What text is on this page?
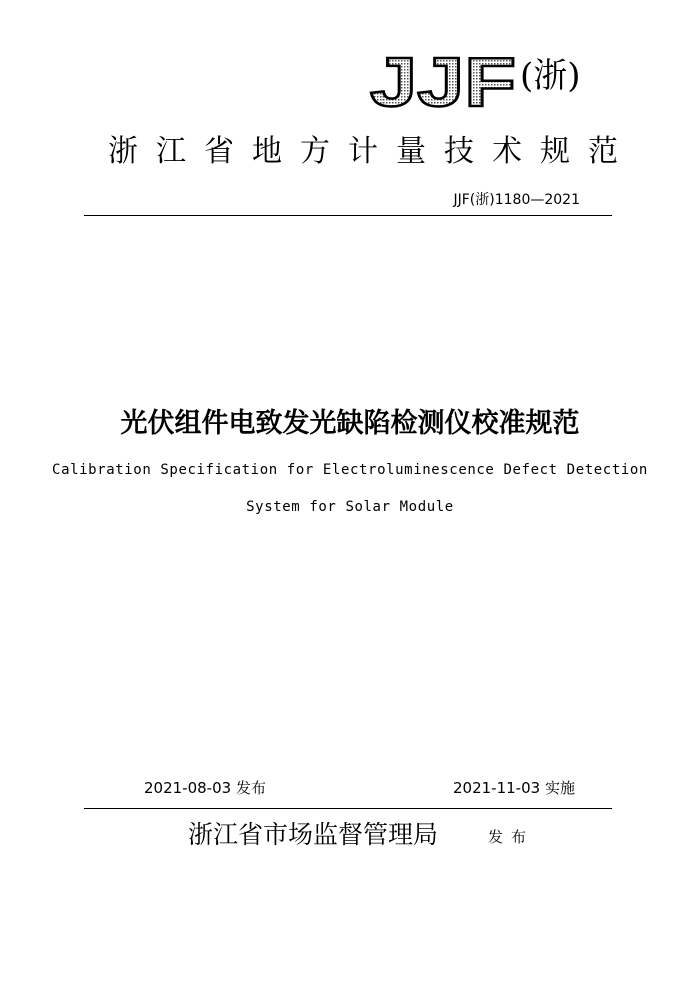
JJF (浙)
浙江省地方计量技术规范
JJF(浙)1180—2021
光伏组件电致发光缺陷检测仪校准规范
Calibration Specification for Electroluminescence Defect Detection
System for Solar Module
2021-08-03 发布	2021-11-03 实施
浙江省市场监督管理局	发布
